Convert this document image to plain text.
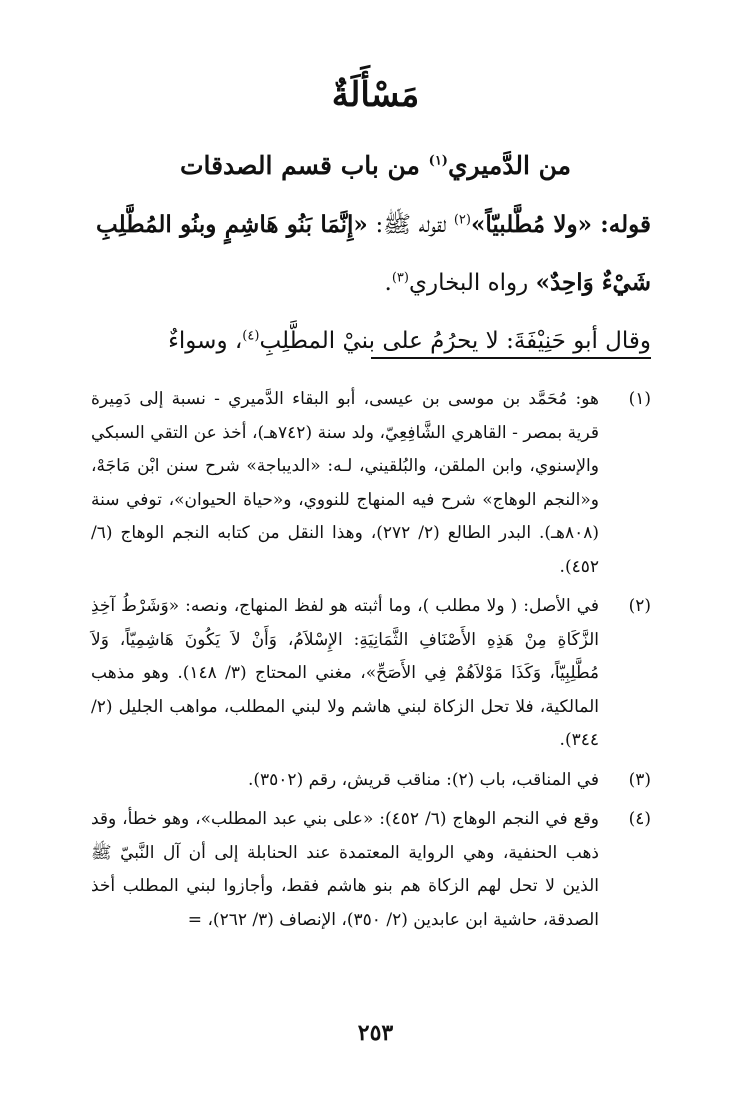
مَسْأَلَةٌ
من الدَّميري$^{(١)}$ من باب قسم الصدقات

قوله: «ولا مُطَّلبيّاً»$^{(٢)}$ لقوله ﷺ: «إِنَّمَا بَنُو هَاشِمٍ وبنُو المُطَّلِبِ شَيْءٌ وَاحِدٌ» رواه البخاري$^{(٣)}$.

وقال أبو حَنِيْفَةَ: لا يحرُمُ على بنيْ المطَّلِبِ$^{(٤)}$، وسواءٌ

(١)
هو: مُحَمَّد بن موسى بن عيسى، أبو البقاء الدَّميري - نسبة إلى دَمِيرة قرية بمصر - القاهري الشَّافِعِيّ، ولد سنة (٧٤٢هـ)، أخذ عن التقي السبكي والإسنوي، وابن الملقن، والبُلقيني، لـه: «الديباجة» شرح سنن ابْن مَاجَهْ، و«النجم الوهاج» شرح فيه المنهاج للنووي، و«حياة الحيوان»، توفي سنة (٨٠٨هـ). البدر الطالع (٢/ ٢٧٢)، وهذا النقل من كتابه النجم الوهاج (٦/ ٤٥٢).
(٢)
في الأصل: ( ولا مطلب )، وما أثبته هو لفظ المنهاج، ونصه: «وَشَرْطُ آخِذِ الزَّكَاةِ مِنْ هَذِهِ الأَصْنَافِ الثَّمَانِيَةِ: الإِسْلاَمُ، وَأَنْ لاَ يَكُونَ هَاشِمِيّاً، وَلاَ مُطَّلِبِيّاً، وَكَذَا مَوْلاَهُمْ فِي الأَصَحِّ»، مغني المحتاج (٣/ ١٤٨). وهو مذهب المالكية، فلا تحل الزكاة لبني هاشم ولا لبني المطلب، مواهب الجليل (٢/ ٣٤٤).
(٣)
في المناقب، باب (٢): مناقب قريش، رقم (٣٥٠٢).
(٤)
وقع في النجم الوهاج (٦/ ٤٥٢): «على بني عبد المطلب»، وهو خطأ، وقد ذهب الحنفية، وهي الرواية المعتمدة عند الحنابلة إلى أن آل النَّبيّ ﷺ الذين لا تحل لهم الزكاة هم بنو هاشم فقط، وأجازوا لبني المطلب أخذ الصدقة، حاشية ابن عابدين (٢/ ٣٥٠)، الإنصاف (٣/ ٢٦٢)، =
٢٥٣
